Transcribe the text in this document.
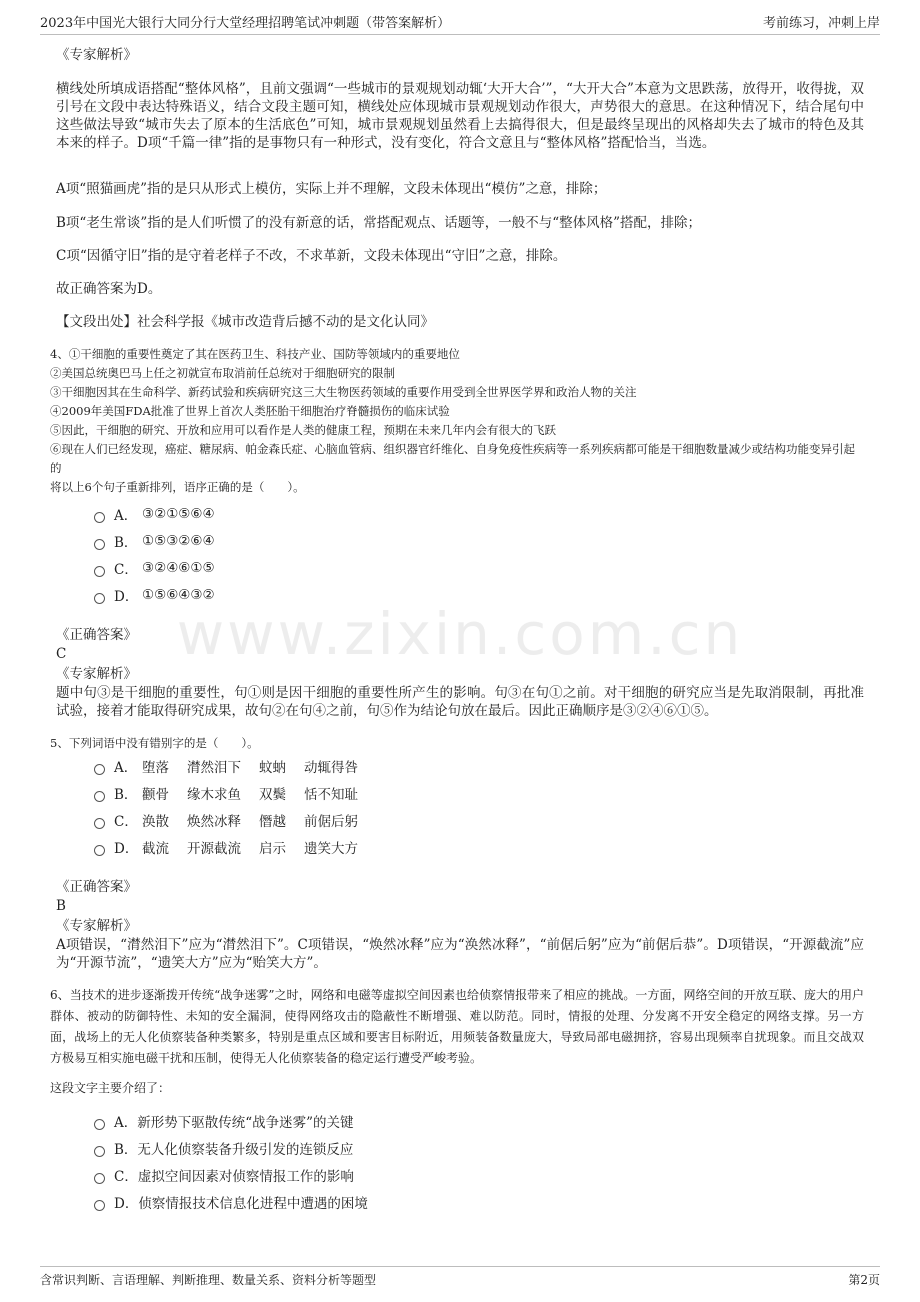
2023年中国光大银行大同分行大堂经理招聘笔试冲刺题（带答案解析）	考前练习，冲刺上岸
www.zixin.com.cn
《专家解析》
横线处所填成语搭配“整体风格”，且前文强调“一些城市的景观规划动辄‘大开大合’”，“大开大合”本意为文思跌荡，放得开，收得拢，双引号在文段中表达特殊语义，结合文段主题可知，横线处应体现城市景观规划动作很大，声势很大的意思。在这种情况下，结合尾句中这些做法导致“城市失去了原本的生活底色”可知，城市景观规划虽然看上去搞得很大，但是最终呈现出的风格却失去了城市的特色及其本来的样子。D项“千篇一律”指的是事物只有一种形式，没有变化，符合文意且与“整体风格”搭配恰当，当选。
A项“照猫画虎”指的是只从形式上模仿，实际上并不理解，文段未体现出“模仿”之意，排除；
B项“老生常谈”指的是人们听惯了的没有新意的话，常搭配观点、话题等，一般不与“整体风格”搭配，排除；
C项“因循守旧”指的是守着老样子不改，不求革新，文段未体现出“守旧”之意，排除。
故正确答案为D。
【文段出处】社会科学报《城市改造背后撼不动的是文化认同》
4、①干细胞的重要性奠定了其在医药卫生、科技产业、国防等领域内的重要地位
②美国总统奥巴马上任之初就宣布取消前任总统对于细胞研究的限制
③干细胞因其在生命科学、新药试验和疾病研究这三大生物医药领域的重要作用受到全世界医学界和政治人物的关注
④2009年美国FDA批准了世界上首次人类胚胎干细胞治疗脊髓损伤的临床试验
⑤因此，干细胞的研究、开放和应用可以看作是人类的健康工程，预期在未来几年内会有很大的飞跃
⑥现在人们已经发现，癌症、糖尿病、帕金森氏症、心脑血管病、组织器官纤维化、自身免疫性疾病等一系列疾病都可能是干细胞数量减少或结构功能变异引起的
将以上6个句子重新排列，语序正确的是（　　）。
A． ③②①⑤⑥④
B． ①⑤③②⑥④
C． ③②④⑥①⑤
D． ①⑤⑥④③②
《正确答案》
C
《专家解析》
题中句③是干细胞的重要性，句①则是因干细胞的重要性所产生的影响。句③在句①之前。对干细胞的研究应当是先取消限制，再批准试验，接着才能取得研究成果，故句②在句④之前，句⑤作为结论句放在最后。因此正确顺序是③②④⑥①⑤。
5、下列词语中没有错别字的是（　　）。
A． 堕落 潸然泪下 蚊蚋 动辄得咎
B． 颧骨 缘木求鱼 双鬓 恬不知耻
C． 涣散 焕然冰释 僭越 前倨后躬
D． 截流 开源截流 启示 遗笑大方
《正确答案》
B
《专家解析》
A项错误，“潸然泪下”应为“潸然泪下”。C项错误，“焕然冰释”应为“涣然冰释”，“前倨后躬”应为“前倨后恭”。D项错误，“开源截流”应为“开源节流”，“遗笑大方”应为“贻笑大方”。
6、当技术的进步逐渐拨开传统“战争迷雾”之时，网络和电磁等虚拟空间因素也给侦察情报带来了相应的挑战。一方面，网络空间的开放互联、庞大的用户群体、被动的防御特性、未知的安全漏洞，使得网络攻击的隐蔽性不断增强、难以防范。同时，情报的处理、分发离不开安全稳定的网络支撑。另一方面，战场上的无人化侦察装备种类繁多，特别是重点区域和要害目标附近，用频装备数量庞大，导致局部电磁拥挤，容易出现频率自扰现象。而且交战双方极易互相实施电磁干扰和压制，使得无人化侦察装备的稳定运行遭受严峻考验。
这段文字主要介绍了：
A． 新形势下驱散传统“战争迷雾”的关键
B． 无人化侦察装备升级引发的连锁反应
C． 虚拟空间因素对侦察情报工作的影响
D． 侦察情报技术信息化进程中遭遇的困境
含常识判断、言语理解、判断推理、数量关系、资料分析等题型	第2页
